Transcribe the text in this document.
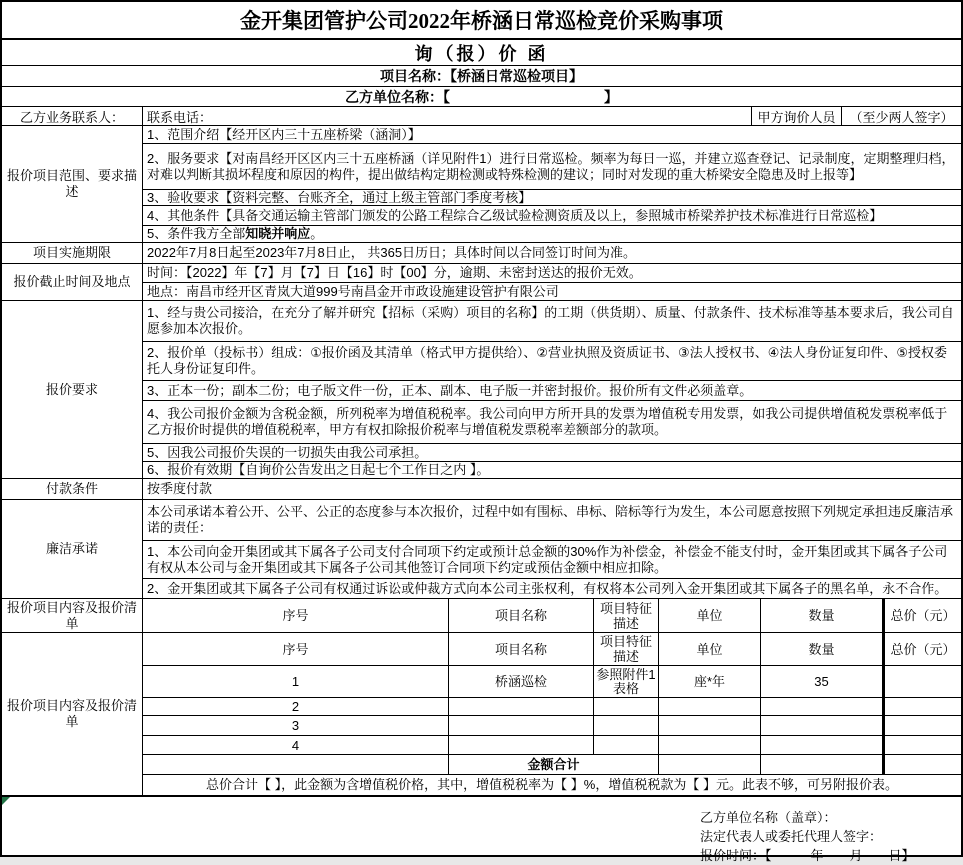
金开集团管护公司2022年桥涵日常巡检竞价采购事项
询（报）价 函
项目名称：【桥涵日常巡检项目】
乙方单位名称：【　　　　　　　　　　　】
乙方业务联系人：	联系电话：	甲方询价人员	（至少两人签字）
报价项目范围、要求描述
1、范围介绍【经开区内三十五座桥梁（涵洞）】
2、服务要求【对南昌经开区区内三十五座桥涵（详见附件1）进行日常巡检。频率为每日一巡，并建立巡查登记、记录制度，定期整理归档，对难以判断其损坏程度和原因的构件，提出做结构定期检测或特殊检测的建议；同时对发现的重大桥梁安全隐患及时上报等】
3、验收要求【资料完整、台账齐全，通过上级主管部门季度考核】
4、其他条件【具备交通运输主管部门颁发的公路工程综合乙级试验检测资质及以上，参照城市桥梁养护技术标准进行日常巡检】
5、条件我方全部 知晓并响应 。
项目实施期限	2022年7月8日起至2023年7月8日止， 共365日历日；具体时间以合同签订时间为准。
报价截止时间及地点
时间：【2022】年【7】月【7】日【16】时【00】分，逾期、未密封送达的报价无效。
地点：南昌市经开区青岚大道999号南昌金开市政设施建设管护有限公司
报价要求
1、经与贵公司接洽，在充分了解并研究【招标（采购）项目的名称】的工期（供货期）、质量、付款条件、技术标准等基本要求后，我公司自愿参加本次报价。
2、报价单（投标书）组成：①报价函及其清单（格式甲方提供给）、②营业执照及资质证书、③法人授权书、④法人身份证复印件、⑤授权委托人身份证复印件。
3、正本一份；副本二份；电子版文件一份，正本、副本、电子版一并密封报价。报价所有文件必须盖章。
4、我公司报价金额为含税金额，所列税率为增值税税率。我公司向甲方所开具的发票为增值税专用发票，如我公司提供增值税发票税率低于乙方报价时提供的增值税税率，甲方有权扣除报价税率与增值税发票税率差额部分的款项。
5、因我公司报价失误的一切损失由我公司承担。
6、报价有效期【自询价公告发出之日起七个工作日之内 】。
付款条件	按季度付款
廉洁承诺
本公司承诺本着公开、公平、公正的态度参与本次报价，过程中如有围标、串标、陪标等行为发生，本公司愿意按照下列规定承担违反廉洁承诺的责任：
1、本公司向金开集团或其下属各子公司支付合同项下约定或预计总金额的30%作为补偿金，补偿金不能支付时，金开集团或其下属各子公司有权从本公司与金开集团或其下属各子公司其他签订合同项下约定或预估金额中相应扣除。
2、金开集团或其下属各子公司有权通过诉讼或仲裁方式向本公司主张权利，有权将本公司列入金开集团或其下属各子的黑名单，永不合作。
报价项目内容及报价清单	序号	项目名称	项目特征描述	单位	数量	总价（元）
报价项目内容及报价清单
序号	项目名称	项目特征描述	单位	数量	总价（元）
1	桥涵巡检	参照附件1表格	座*年	35
2
3
4
金额合计
总价合计【 】，此金额为含增值税价格，其中，增值税税率为【 】%，增值税税款为【 】元。此表不够，可另附报价表。
乙方单位名称（盖章）：
法定代表人或委托代理人签字：
报价时间：【　　　年　　月　　日】
